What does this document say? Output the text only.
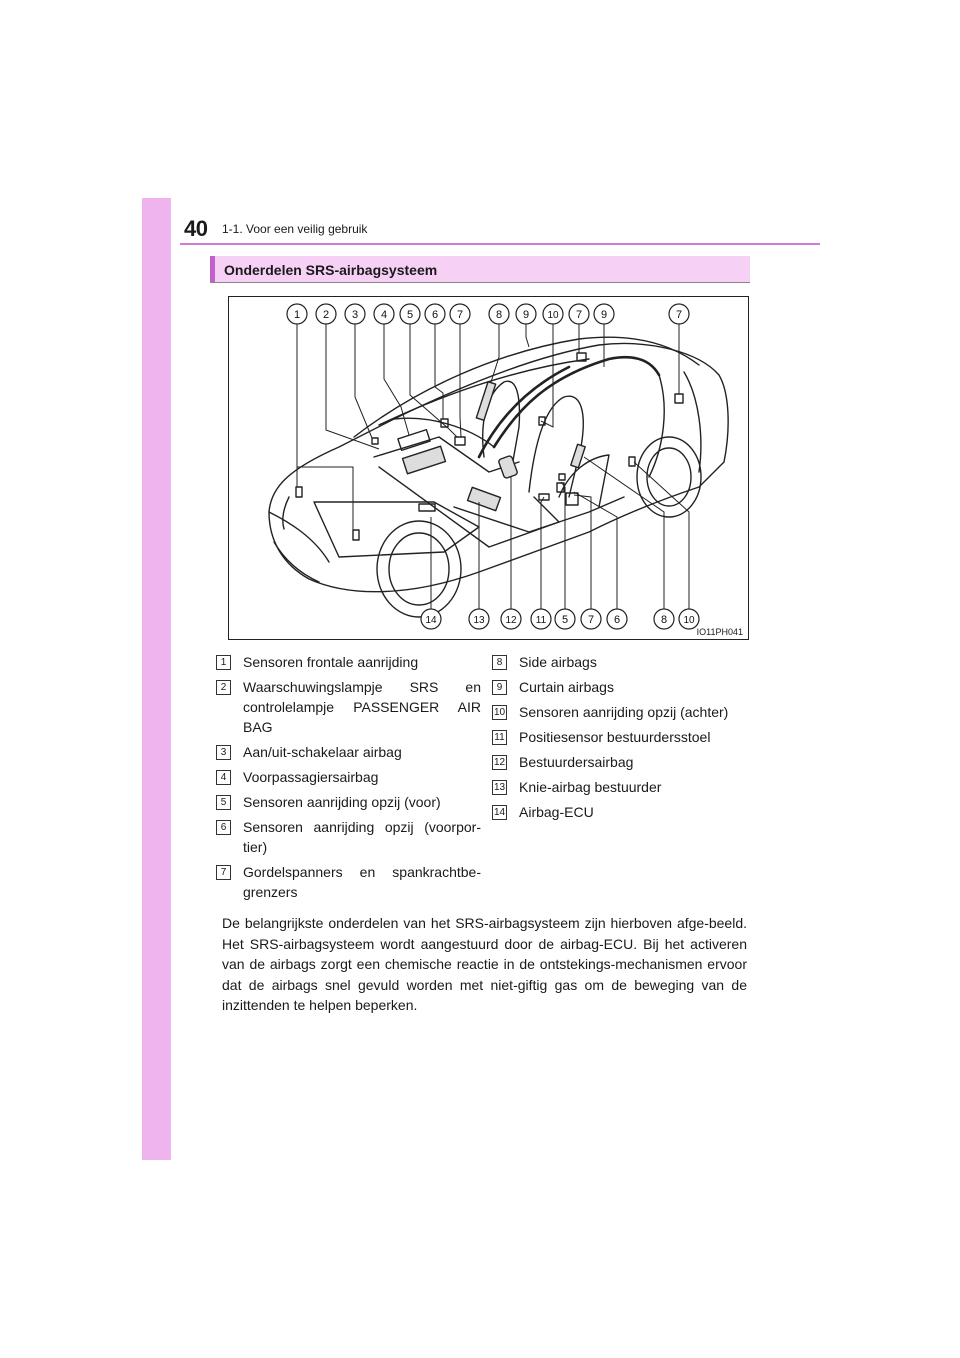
40 1-1. Voor een veilig gebruik
Onderdelen SRS-airbagsysteem
1 2 3 4 5 6 7	8 9 10 7 9	7
14	13 12 11 5 7 6	8 10
IO11PH041
1	Sensoren frontale aanrijding
2	Waarschuwingslampje SRS en controlelampje PASSENGER AIR BAG
3	Aan/uit-schakelaar airbag
4	Voorpassagiersairbag
5	Sensoren aanrijding opzij (voor)
6	Sensoren aanrijding opzij (voorpor-tier)
7	Gordelspanners en spankrachtbe-grenzers
8	Side airbags
9	Curtain airbags
10 Sensoren aanrijding opzij (achter)
11 Positiesensor bestuurdersstoel
12 Bestuurdersairbag
13 Knie-airbag bestuurder
14 Airbag-ECU
De belangrijkste onderdelen van het SRS-airbagsysteem zijn hierboven afge-beeld. Het SRS-airbagsysteem wordt aangestuurd door de airbag-ECU. Bij het activeren van de airbags zorgt een chemische reactie in de ontstekings-mechanismen ervoor dat de airbags snel gevuld worden met niet-giftig gas om de beweging van de inzittenden te helpen beperken.
